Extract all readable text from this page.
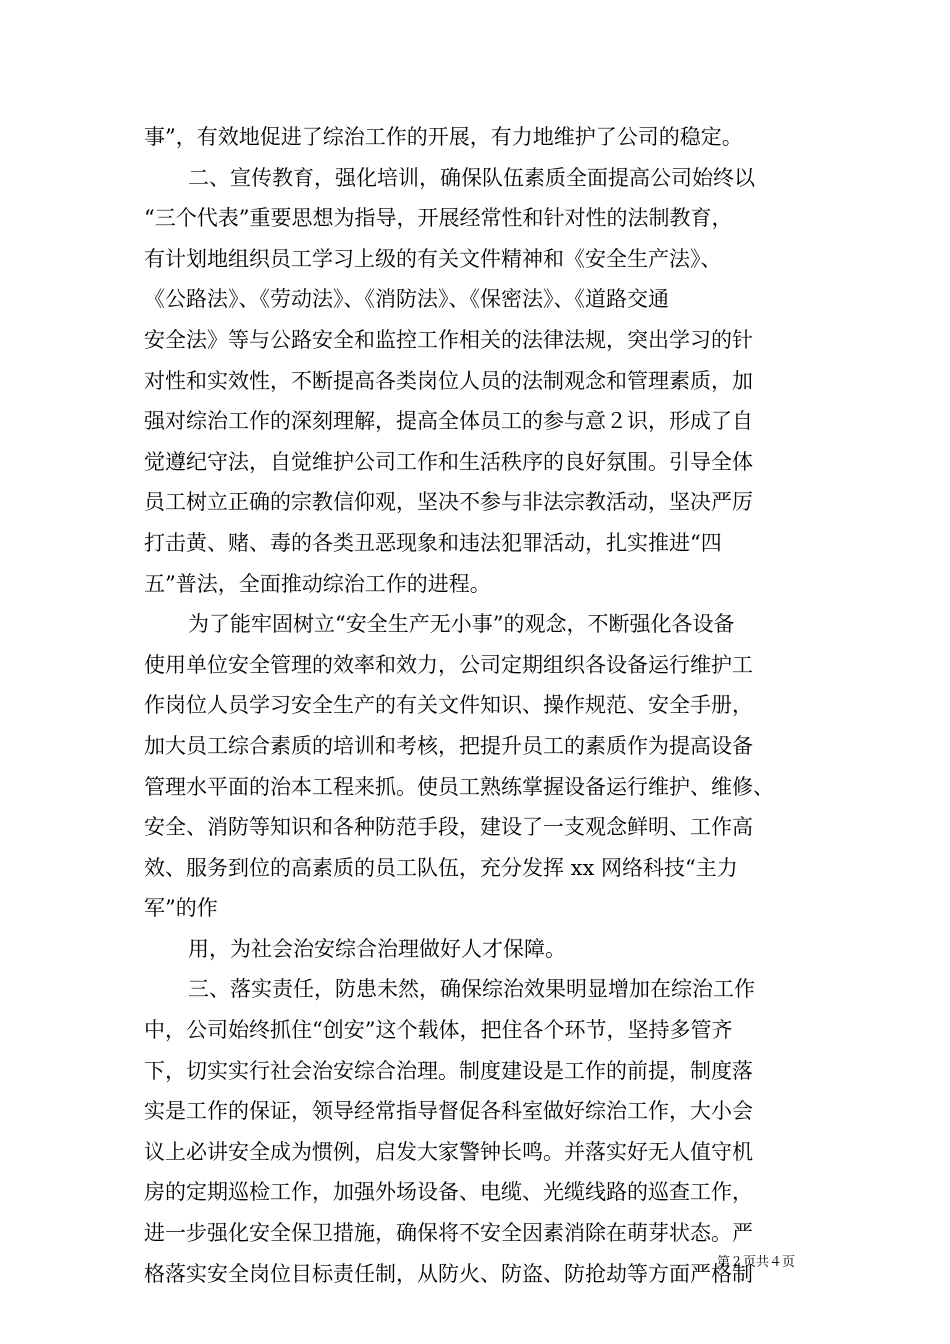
事”，有效地促进了综治工作的开展，有力地维护了公司的稳定。
二、宣传教育，强化培训，确保队伍素质全面提高公司始终以
“三个代表”重要思想为指导，开展经常性和针对性的法制教育，
有计划地组织员工学习上级的有关文件精神和《安全生产法》、
《公路法》、《劳动法》、《消防法》、《保密法》、《道路交通
安全法》等与公路安全和监控工作相关的法律法规，突出学习的针
对性和实效性，不断提高各类岗位人员的法制观念和管理素质，加
强对综治工作的深刻理解，提高全体员工的参与意２识，形成了自
觉遵纪守法，自觉维护公司工作和生活秩序的良好氛围。引导全体
员工树立正确的宗教信仰观，坚决不参与非法宗教活动，坚决严厉
打击黄、赌、毒的各类丑恶现象和违法犯罪活动，扎实推进“四
五”普法，全面推动综治工作的进程。
为了能牢固树立“安全生产无小事”的观念，不断强化各设备
使用单位安全管理的效率和效力，公司定期组织各设备运行维护工
作岗位人员学习安全生产的有关文件知识、操作规范、安全手册，
加大员工综合素质的培训和考核，把提升员工的素质作为提高设备
管理水平面的治本工程来抓。使员工熟练掌握设备运行维护、维修、
安全、消防等知识和各种防范手段，建设了一支观念鲜明、工作高
效、服务到位的高素质的员工队伍，充分发挥 xx 网络科技“主力
军”的作
用，为社会治安综合治理做好人才保障。
三、落实责任，防患未然，确保综治效果明显增加在综治工作
中，公司始终抓住“创安”这个载体，把住各个环节，坚持多管齐
下，切实实行社会治安综合治理。制度建设是工作的前提，制度落
实是工作的保证，领导经常指导督促各科室做好综治工作，大小会
议上必讲安全成为惯例，启发大家警钟长鸣。并落实好无人值守机
房的定期巡检工作，加强外场设备、电缆、光缆线路的巡查工作，
进一步强化安全保卫措施，确保将不安全因素消除在萌芽状态。严
格落实安全岗位目标责任制，从防火、防盗、防抢劫等方面严格制
第２页共４页
